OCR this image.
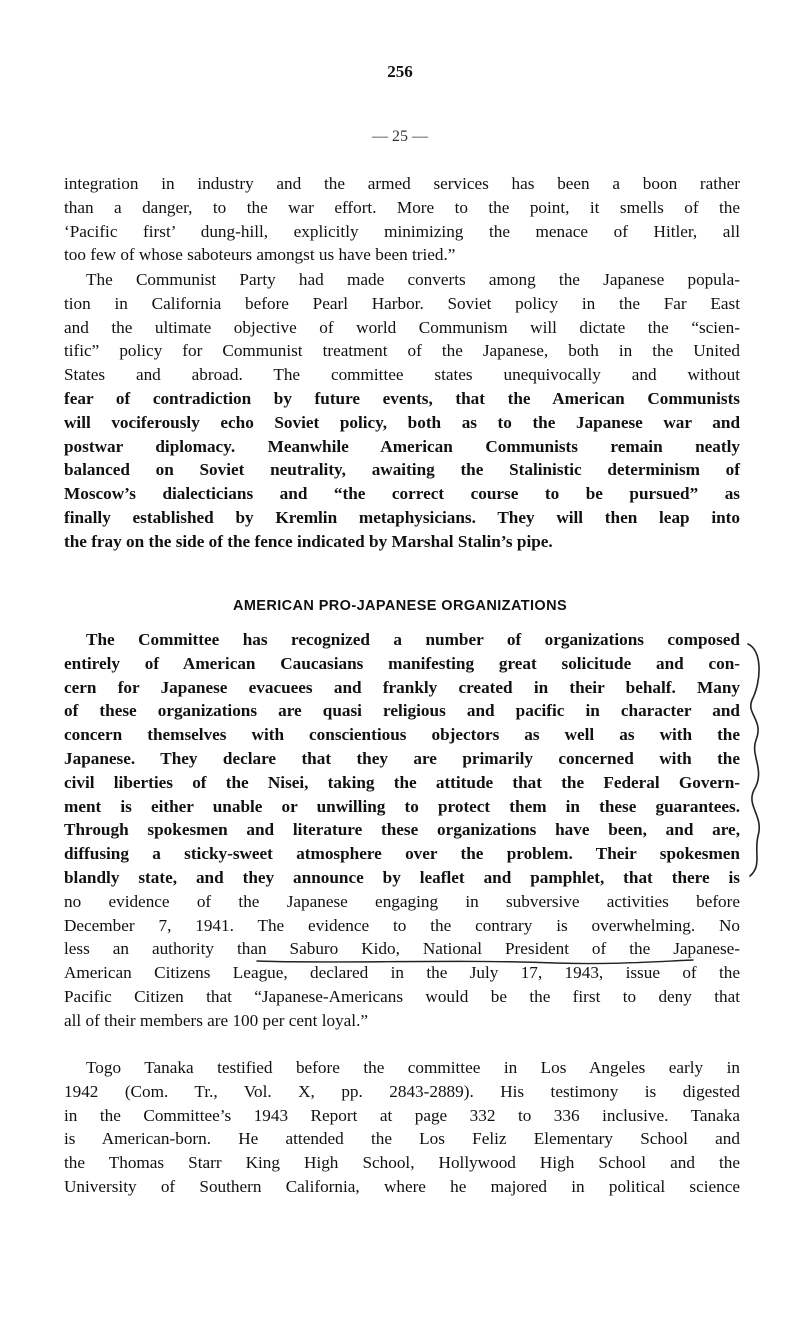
256

— 25 —

integration in industry and the armed services has been a boon rather
than a danger, to the war effort. More to the point, it smells of the
‘Pacific first’ dung-hill, explicitly minimizing the menace of Hitler, all
too few of whose saboteurs amongst us have been tried.”
The Communist Party had made converts among the Japanese popula-
tion in California before Pearl Harbor. Soviet policy in the Far East
and the ultimate objective of world Communism will dictate the “scien-
tific” policy for Communist treatment of the Japanese, both in the United
States and abroad. The committee states unequivocally and without
fear of contradiction by future events, that the American Communists
will vociferously echo Soviet policy, both as to the Japanese war and
postwar diplomacy. Meanwhile American Communists remain neatly
balanced on Soviet neutrality, awaiting the Stalinistic determinism of
Moscow’s dialecticians and “the correct course to be pursued” as
finally established by Kremlin metaphysicians. They will then leap into
the fray on the side of the fence indicated by Marshal Stalin’s pipe.

AMERICAN PRO-JAPANESE ORGANIZATIONS

The Committee has recognized a number of organizations composed
entirely of American Caucasians manifesting great solicitude and con-
cern for Japanese evacuees and frankly created in their behalf. Many
of these organizations are quasi religious and pacific in character and
concern themselves with conscientious objectors as well as with the
Japanese. They declare that they are primarily concerned with the
civil liberties of the Nisei, taking the attitude that the Federal Govern-
ment is either unable or unwilling to protect them in these guarantees.
Through spokesmen and literature these organizations have been, and are,
diffusing a sticky-sweet atmosphere over the problem. Their spokesmen
blandly state, and they announce by leaflet and pamphlet, that there is
no evidence of the Japanese engaging in subversive activities before
December 7, 1941. The evidence to the contrary is overwhelming. No
less an authority than Saburo Kido, National President of the Japanese-
American Citizens League, declared in the July 17, 1943, issue of the
Pacific Citizen that “Japanese-Americans would be the first to deny that
all of their members are 100 per cent loyal.”
Togo Tanaka testified before the committee in Los Angeles early in
1942 (Com. Tr., Vol. X, pp. 2843-2889). His testimony is digested
in the Committee’s 1943 Report at page 332 to 336 inclusive. Tanaka
is American-born. He attended the Los Feliz Elementary School and
the Thomas Starr King High School, Hollywood High School and the
University of Southern California, where he majored in political science
